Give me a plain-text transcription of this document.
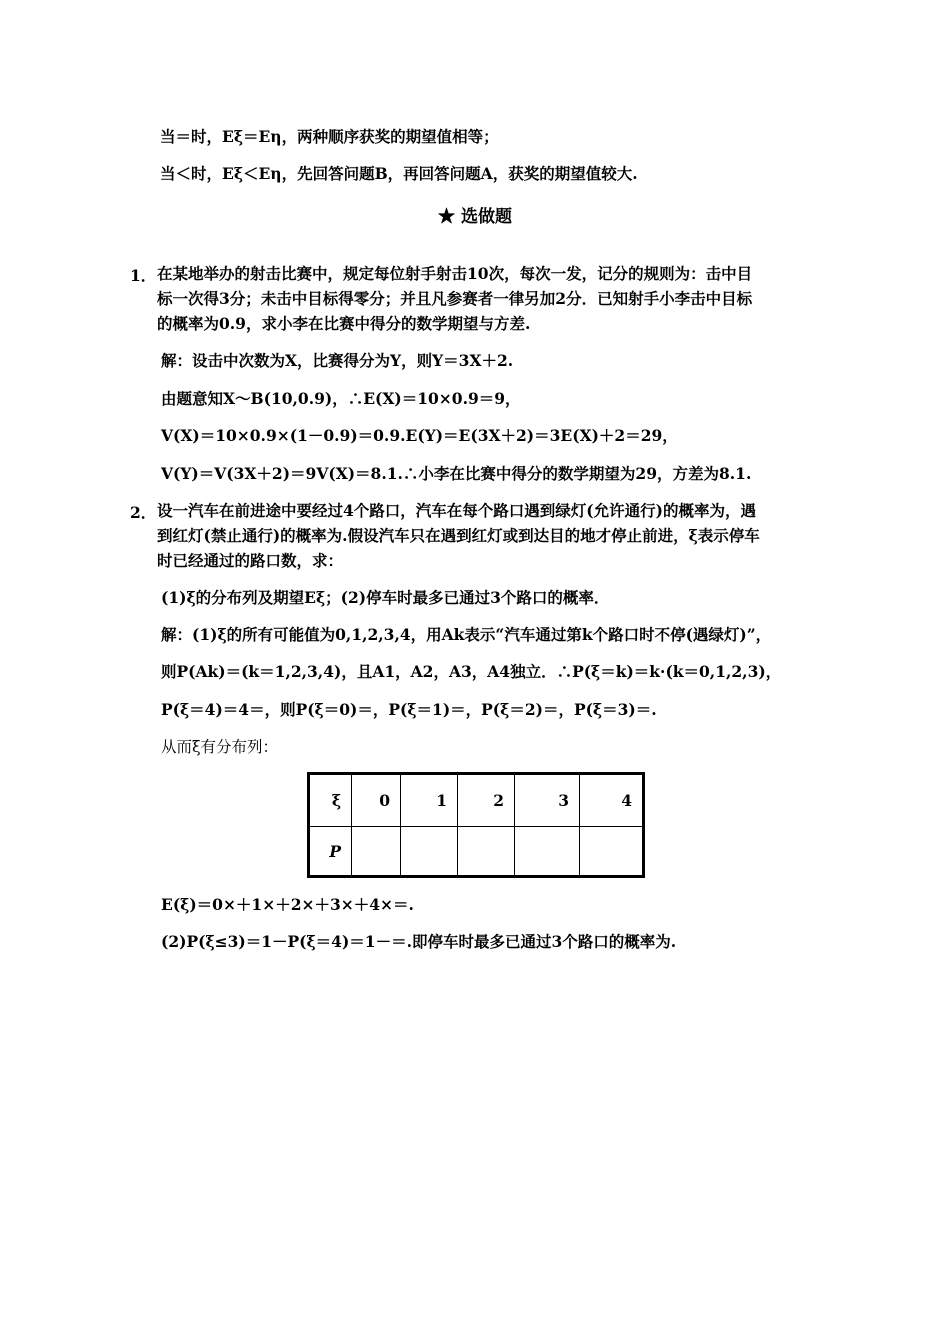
当＝时，Eξ＝Eη，两种顺序获奖的期望值相等；
当＜时，Eξ＜Eη，先回答问题B，再回答问题A，获奖的期望值较大.
★ 选做题
1． 在某地举办的射击比赛中，规定每位射手射击10次，每次一发，记分的规则为：击中目
标一次得3分；未击中目标得零分；并且凡参赛者一律另加2分．已知射手小李击中目标
的概率为0.9，求小李在比赛中得分的数学期望与方差.
解：设击中次数为X，比赛得分为Y，则Y＝3X＋2.
由题意知X～B(10,0.9)，∴E(X)＝10×0.9＝9，
V(X)＝10×0.9×(1－0.9)＝0.9.E(Y)＝E(3X＋2)＝3E(X)＋2＝29，
V(Y)＝V(3X＋2)＝9V(X)＝8.1.∴小李在比赛中得分的数学期望为29，方差为8.1.
2． 设一汽车在前进途中要经过4个路口，汽车在每个路口遇到绿灯(允许通行)的概率为，遇
到红灯(禁止通行)的概率为.假设汽车只在遇到红灯或到达目的地才停止前进，ξ表示停车
时已经通过的路口数，求：
(1)ξ的分布列及期望Eξ；(2)停车时最多已通过3个路口的概率．
解：(1)ξ的所有可能值为0,1,2,3,4，用Ak表示“汽车通过第k个路口时不停(遇绿灯)”，
则P(Ak)＝(k＝1,2,3,4)，且A1，A2，A3，A4独立．∴P(ξ＝k)＝k·(k＝0,1,2,3)，
P(ξ＝4)＝4＝，则P(ξ＝0)＝，P(ξ＝1)＝，P(ξ＝2)＝，P(ξ＝3)＝.
从而ξ有分布列：
ξ	0	1	2	3	4
P					
E(ξ)＝0×＋1×＋2×＋3×＋4×＝.
(2)P(ξ≤3)＝1－P(ξ＝4)＝1－＝.即停车时最多已通过3个路口的概率为.
